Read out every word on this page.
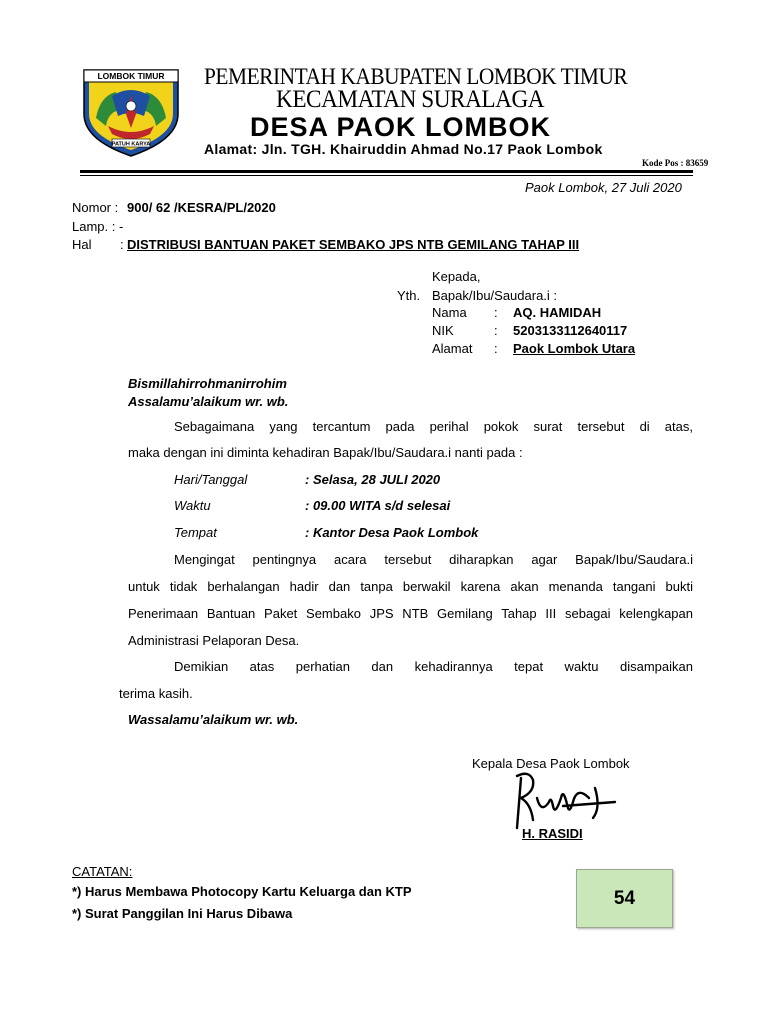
LOMBOK TIMUR
PATUH KARYA
PEMERINTAH KABUPATEN LOMBOK TIMUR
KECAMATAN SURALAGA
DESA PAOK LOMBOK
Alamat: Jln. TGH. Khairuddin Ahmad No.17 Paok Lombok
Kode Pos : 83659
Paok Lombok, 27 Juli 2020
Nomor : 900/ 62 /KESRA/PL/2020
Lamp. : -
Hal : DISTRIBUSI BANTUAN PAKET SEMBAKO JPS NTB GEMILANG TAHAP III
Kepada,
Yth. Bapak/Ibu/Saudara.i :
Nama : AQ. HAMIDAH
NIK	: 5203133112640117
Alamat : Paok Lombok Utara
Bismillahirrohmanirrohim
Assalamu’alaikum wr. wb.
Sebagaimana yang tercantum pada perihal pokok surat tersebut di atas,
maka dengan ini diminta kehadiran Bapak/Ibu/Saudara.i nanti pada :
Hari/Tanggal	: Selasa, 28 JULI 2020
Waktu	: 09.00 WITA s/d selesai
Tempat	: Kantor Desa Paok Lombok
Mengingat pentingnya acara tersebut diharapkan agar Bapak/Ibu/Saudara.i
untuk tidak berhalangan hadir dan tanpa berwakil karena akan menanda tangani bukti
Penerimaan Bantuan Paket Sembako JPS NTB Gemilang Tahap III sebagai kelengkapan
Administrasi Pelaporan Desa.
Demikian atas perhatian dan kehadirannya tepat waktu disampaikan
terima kasih.
Wassalamu’alaikum wr. wb.
Kepala Desa Paok Lombok
H. RASIDI
CATATAN:
*) Harus Membawa Photocopy Kartu Keluarga dan KTP
*) Surat Panggilan Ini Harus Dibawa
54
